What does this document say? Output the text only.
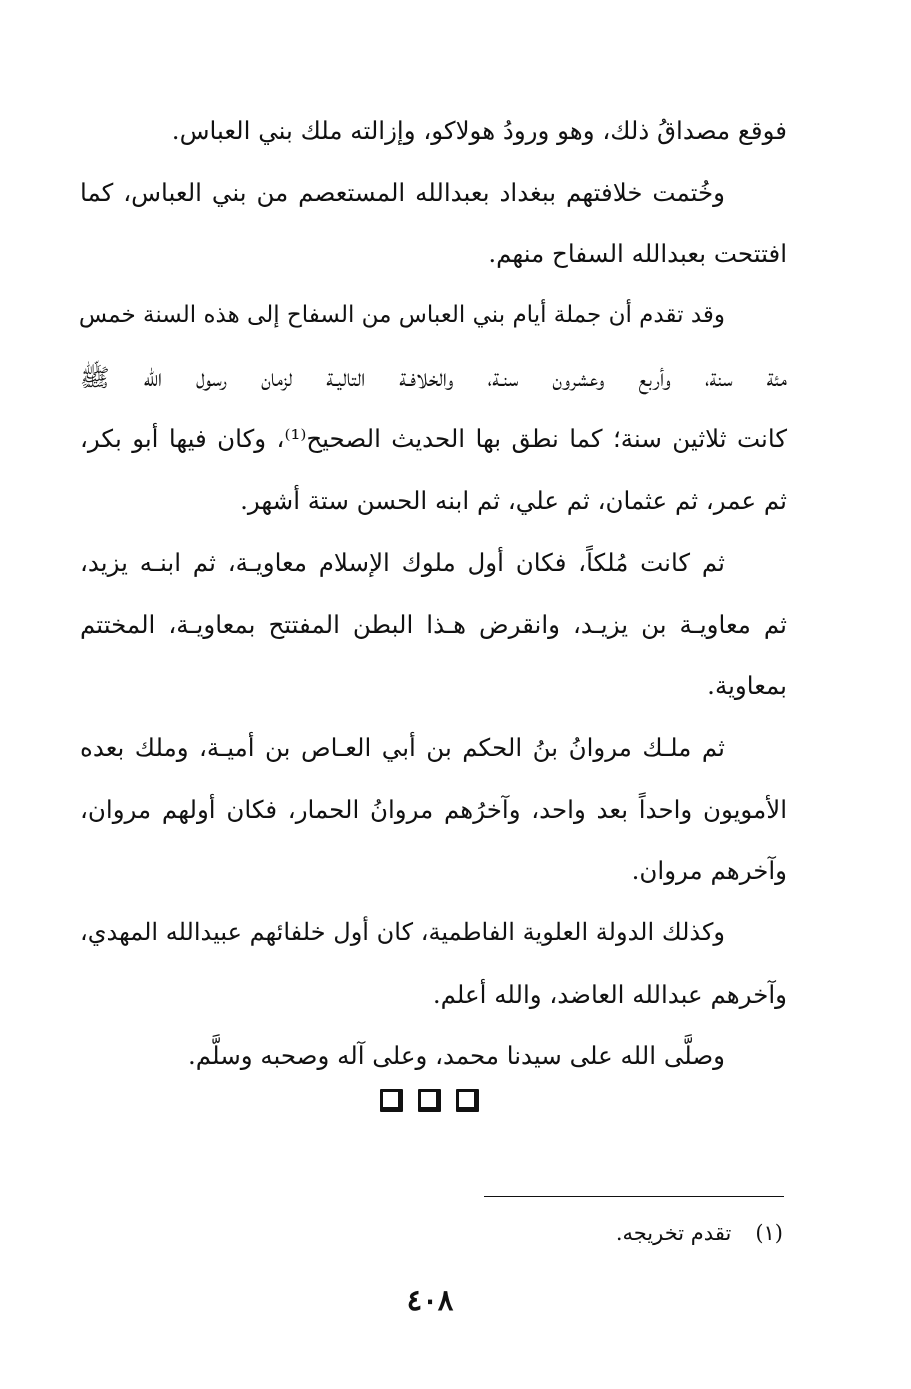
فوقع مصداقُ ذلك، وهو ورودُ هولاكو، وإزالته ملك بني العباس.
وخُتمت خلافتهم ببغداد بعبدالله المستعصم من بني العباس، كما
افتتحت بعبدالله السفاح منهم.
وقد تقدم أن جملة أيام بني العباس من السفاح إلى هذه السنة خمس
مئة سنة، وأربع وعشرون سنـة، والخلافـة التاليـة لزمان رسول الله ﷺ
كانت ثلاثين سنة؛ كما نطق بها الحديث الصحيح⁽¹⁾، وكان فيها أبو بكر،
ثم عمر، ثم عثمان، ثم علي، ثم ابنه الحسن ستة أشهر.
ثم كانت مُلكاً، فكان أول ملوك الإسلام معاويـة، ثم ابنـه يزيد،
ثم معاويـة بن يزيـد، وانقرض هـذا البطن المفتتح بمعاويـة، المختتم
بمعاوية.
ثم ملـك مروانُ بنُ الحكم بن أبي العـاص بن أميـة، وملك بعده
الأمويون واحداً بعد واحد، وآخرُهم مروانُ الحمار، فكان أولهم مروان،
وآخرهم مروان.
وكذلك الدولة العلوية الفاطمية، كان أول خلفائهم عبيدالله المهدي،
وآخرهم عبدالله العاضد، والله أعلم.
وصلَّى الله على سيدنا محمد، وعلى آله وصحبه وسلَّم.
(١)تقدم تخريجه.
٤٠٨
